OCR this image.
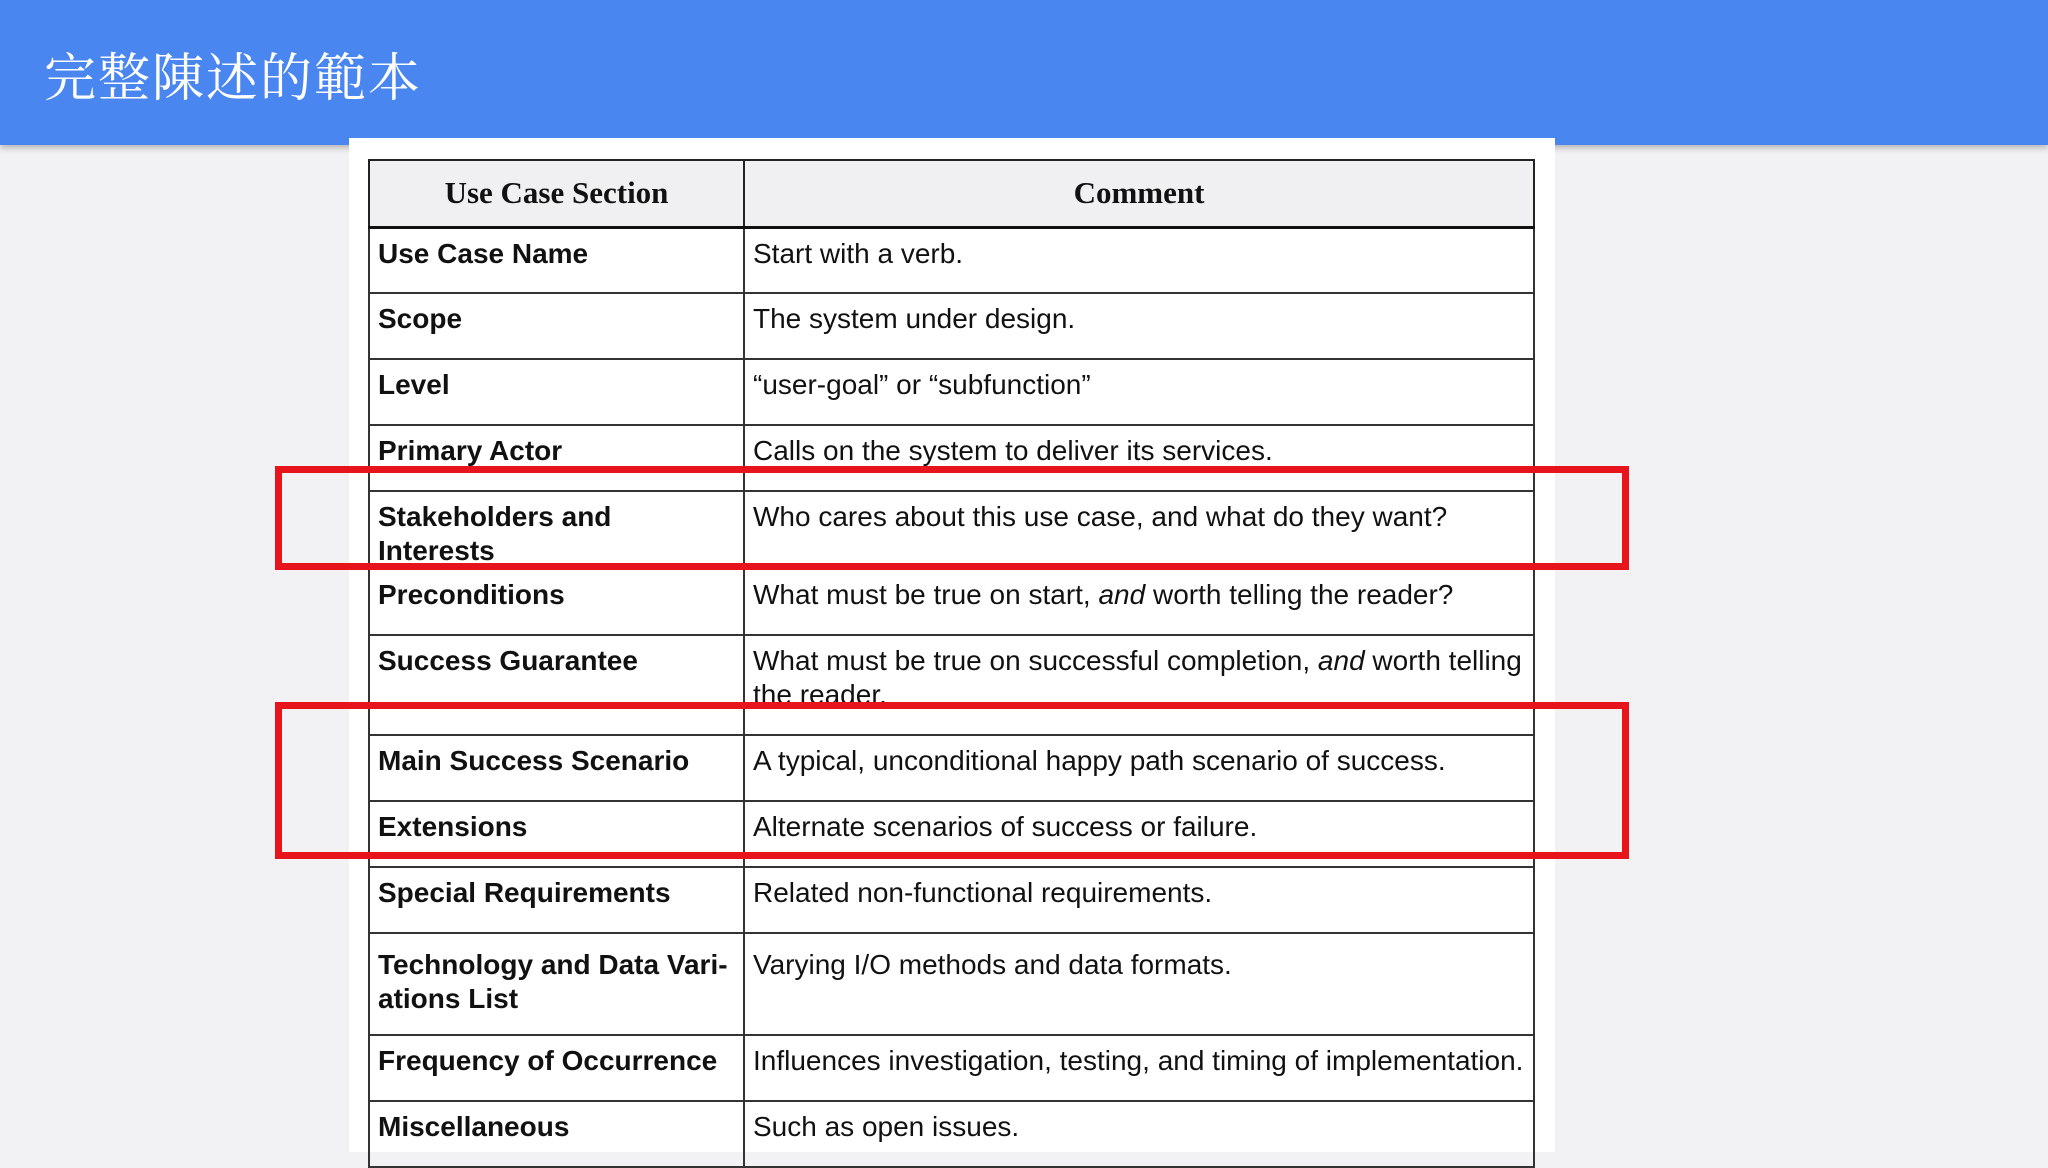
完整陳述的範本
Use Case Section	Comment
Use Case Name	Start with a verb.
Scope	The system under design.
Level	“user-goal” or “subfunction”
Primary Actor	Calls on the system to deliver its services.
Stakeholders and Interests	Who cares about this use case, and what do they want?
Preconditions	What must be true on start, and worth telling the reader?
Success Guarantee	What must be true on successful completion, and worth telling the reader.
Main Success Scenario	A typical, unconditional happy path scenario of success.
Extensions	Alternate scenarios of success or failure.
Special Requirements	Related non-functional requirements.
Technology and Data Vari-ations List	Varying I/O methods and data formats.
Frequency of Occurrence	Influences investigation, testing, and timing of implementation.
Miscellaneous	Such as open issues.
